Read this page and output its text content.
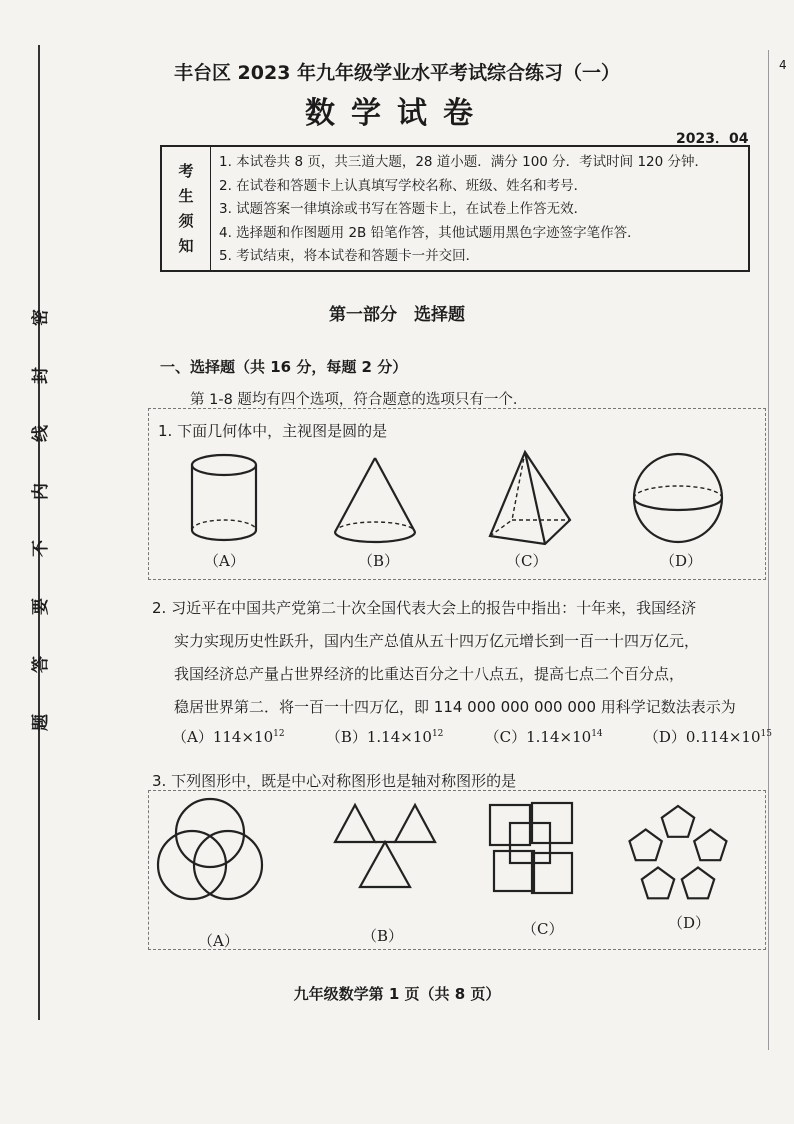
密
封
线
内
不
要
答
题
4
丰台区 2023 年九年级学业水平考试综合练习（一）
数学试卷
2023．04
考
生
须
知
1. 本试卷共 8 页，共三道大题，28 道小题．满分 100 分．考试时间 120 分钟．
2. 在试卷和答题卡上认真填写学校名称、班级、姓名和考号．
3. 试题答案一律填涂或书写在答题卡上，在试卷上作答无效．
4. 选择题和作图题用 2B 铅笔作答，其他试题用黑色字迹签字笔作答．
5. 考试结束，将本试卷和答题卡一并交回．
第一部分　选择题
一、选择题（共 16 分，每题 2 分）
第 1-8 题均有四个选项，符合题意的选项只有一个．
1. 下面几何体中，主视图是圆的是
（A）	（B）	（C）	（D）
2. 习近平在中国共产党第二十次全国代表大会上的报告中指出：十年来，我国经济
实力实现历史性跃升，国内生产总值从五十四万亿元增长到一百一十四万亿元，
我国经济总产量占世界经济的比重达百分之十八点五，提高七点二个百分点，
稳居世界第二．将一百一十四万亿，即 114 000 000 000 000 用科学记数法表示为
$(A)114\times 10^{12}$	$(B)1.14\times 10^{12}$	$(C)1.14\times 10^{14}$	$(D)0.114\times 10^{15}$
3. 下列图形中，既是中心对称图形也是轴对称图形的是
（A）	（B）	（C）	（D）
九年级数学第 1 页（共 8 页）
